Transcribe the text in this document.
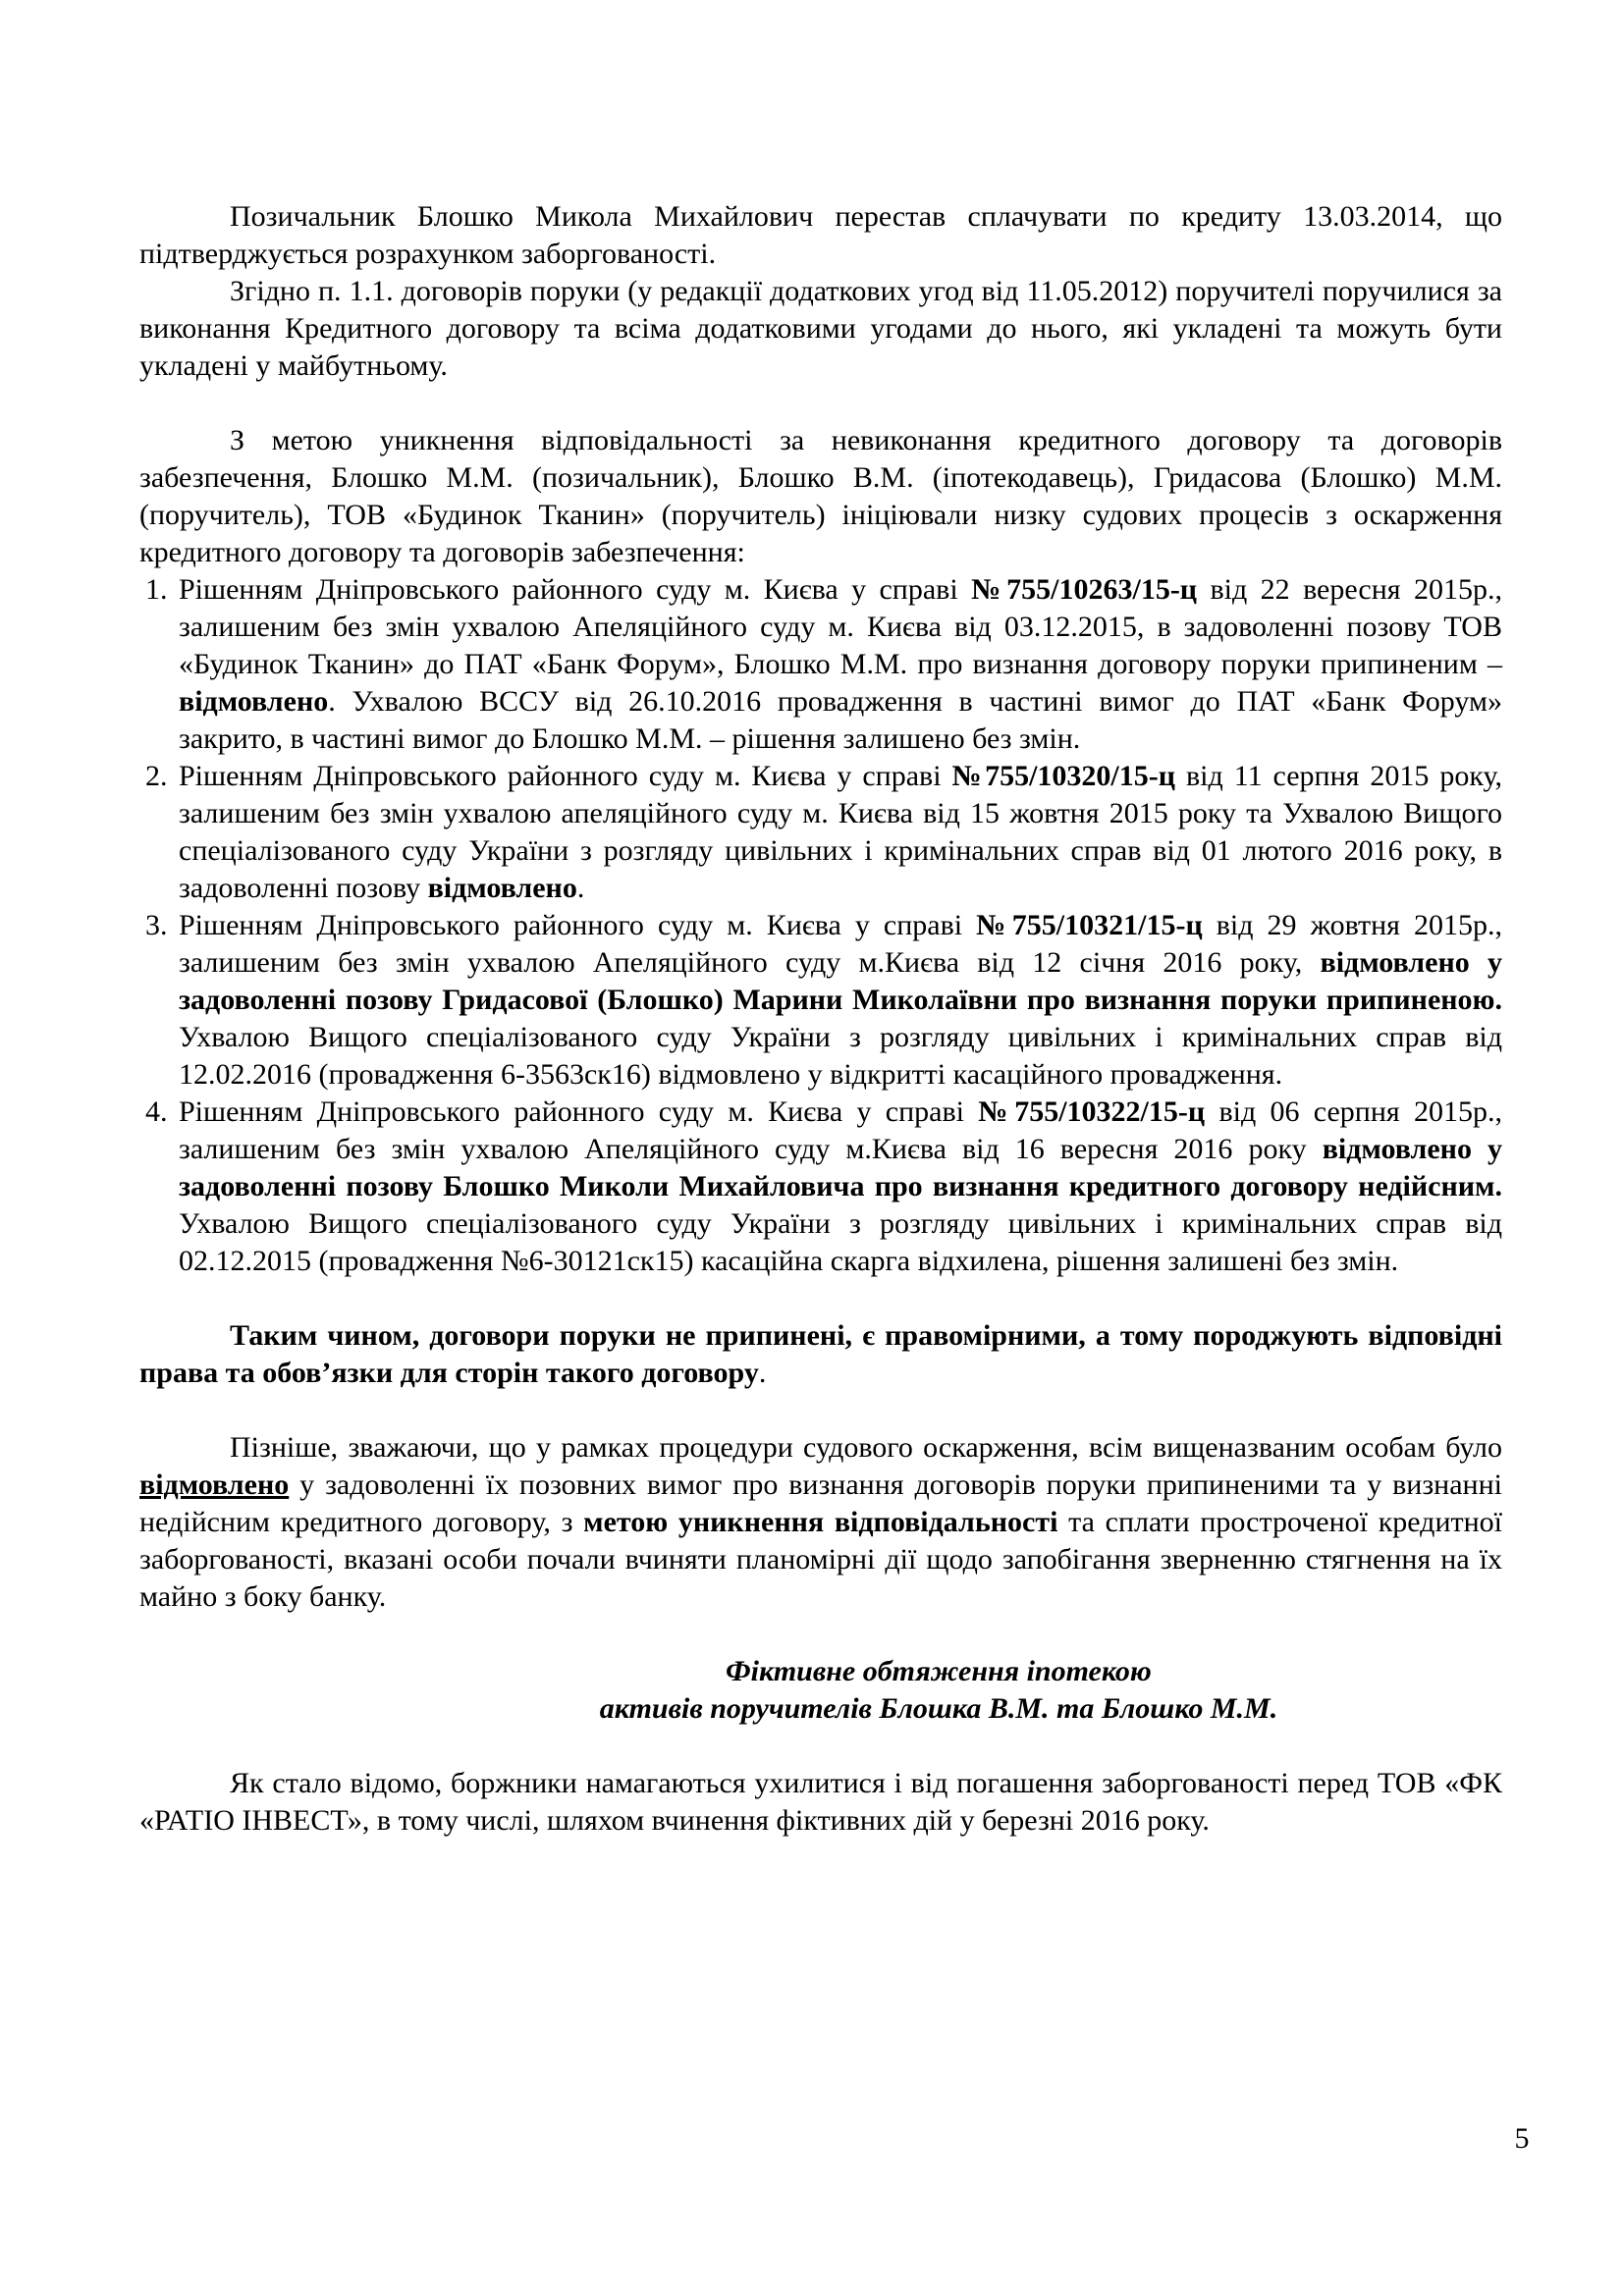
Позичальник Блошко Микола Михайлович перестав сплачувати по кредиту 13.03.2014, що підтверджується розрахунком заборгованості.
Згідно п. 1.1. договорів поруки (у редакції додаткових угод від 11.05.2012) поручителі поручилися за виконання Кредитного договору та всіма додатковими угодами до нього, які укладені та можуть бути укладені у майбутньому.
З метою уникнення відповідальності за невиконання кредитного договору та договорів забезпечення, Блошко М.М. (позичальник), Блошко В.М. (іпотекодавець), Гридасова (Блошко) М.М. (поручитель), ТОВ «Будинок Тканин» (поручитель) ініціювали низку судових процесів з оскарження кредитного договору та договорів забезпечення:
1. Рішенням Дніпровського районного суду м. Києва у справі №755/10263/15-ц від 22 вересня 2015р., залишеним без змін ухвалою Апеляційного суду м. Києва від 03.12.2015, в задоволенні позову ТОВ «Будинок Тканин» до ПАТ «Банк Форум», Блошко М.М. про визнання договору поруки припиненим – відмовлено. Ухвалою ВССУ від 26.10.2016 провадження в частині вимог до ПАТ «Банк Форум» закрито, в частині вимог до Блошко М.М. – рішення залишено без змін.
2. Рішенням Дніпровського районного суду м. Києва у справі №755/10320/15-ц від 11 серпня 2015 року, залишеним без змін ухвалою апеляційного суду м. Києва від 15 жовтня 2015 року та Ухвалою Вищого спеціалізованого суду України з розгляду цивільних і кримінальних справ від 01 лютого 2016 року, в задоволенні позову відмовлено.
3. Рішенням Дніпровського районного суду м. Києва у справі №755/10321/15-ц від 29 жовтня 2015р., залишеним без змін ухвалою Апеляційного суду м.Києва від 12 січня 2016 року, відмовлено у задоволенні позову Гридасової (Блошко) Марини Миколаївни про визнання поруки припиненою. Ухвалою Вищого спеціалізованого суду України з розгляду цивільних і кримінальних справ від 12.02.2016 (провадження 6-3563ск16) відмовлено у відкритті касаційного провадження.
4. Рішенням Дніпровського районного суду м. Києва у справі №755/10322/15-ц від 06 серпня 2015р., залишеним без змін ухвалою Апеляційного суду м.Києва від 16 вересня 2016 року відмовлено у задоволенні позову Блошко Миколи Михайловича про визнання кредитного договору недійсним. Ухвалою Вищого спеціалізованого суду України з розгляду цивільних і кримінальних справ від 02.12.2015 (провадження №6-30121ск15) касаційна скарга відхилена, рішення залишені без змін.
Таким чином, договори поруки не припинені, є правомірними, а тому породжують відповідні права та обов’язки для сторін такого договору.
Пізніше, зважаючи, що у рамках процедури судового оскарження, всім вищеназваним особам було відмовлено у задоволенні їх позовних вимог про визнання договорів поруки припиненими та у визнанні недійсним кредитного договору, з метою уникнення відповідальності та сплати простроченої кредитної заборгованості, вказані особи почали вчиняти планомірні дії щодо запобігання зверненню стягнення на їх майно з боку банку.
Фіктивне обтяження іпотекою
активів поручителів Блошка В.М. та Блошко М.М.
Як стало відомо, боржники намагаються ухилитися і від погашення заборгованості перед ТОВ «ФК «РАТІО ІНВЕСТ», в тому числі, шляхом вчинення фіктивних дій у березні 2016 року.
5
